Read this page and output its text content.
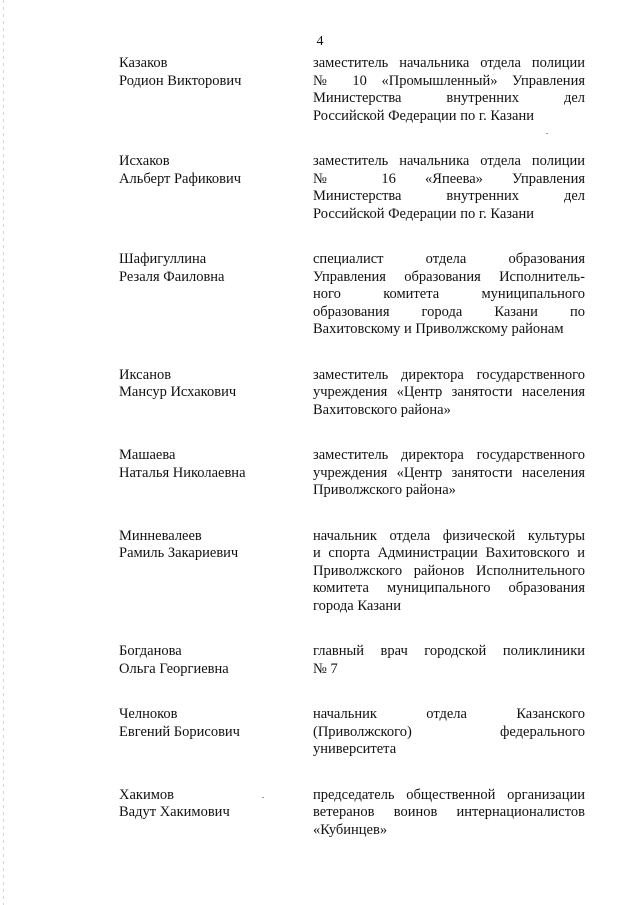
4
Казаков
Родион Викторович
заместитель начальника отдела полиции
№ 10 «Промышленный» Управления
Министерства внутренних дел
Российской Федерации по г. Казани
Исхаков
Альберт Рафикович
заместитель начальника отдела полиции
№ 16 «Япеева» Управления
Министерства внутренних дел
Российской Федерации по г. Казани
Шафигуллина
Резаля Фаиловна
специалист отдела образования
Управления образования Исполнитель-
ного комитета муниципального
образования города Казани по
Вахитовскому и Приволжскому районам
Иксанов
Мансур Исхакович
заместитель директора государственного
учреждения «Центр занятости населения
Вахитовского района»
Машаева
Наталья Николаевна
заместитель директора государственного
учреждения «Центр занятости населения
Приволжского района»
Минневалеев
Рамиль Закариевич
начальник отдела физической культуры
и спорта Администрации Вахитовского и
Приволжского районов Исполнительного
комитета муниципального образования
города Казани
Богданова
Ольга Георгиевна
главный врач городской поликлиники
№ 7
Челноков
Евгений Борисович
начальник отдела Казанского
(Приволжского) федерального
университета
Хакимов
Вадут Хакимович
председатель общественной организации
ветеранов воинов интернационалистов
«Кубинцев»
